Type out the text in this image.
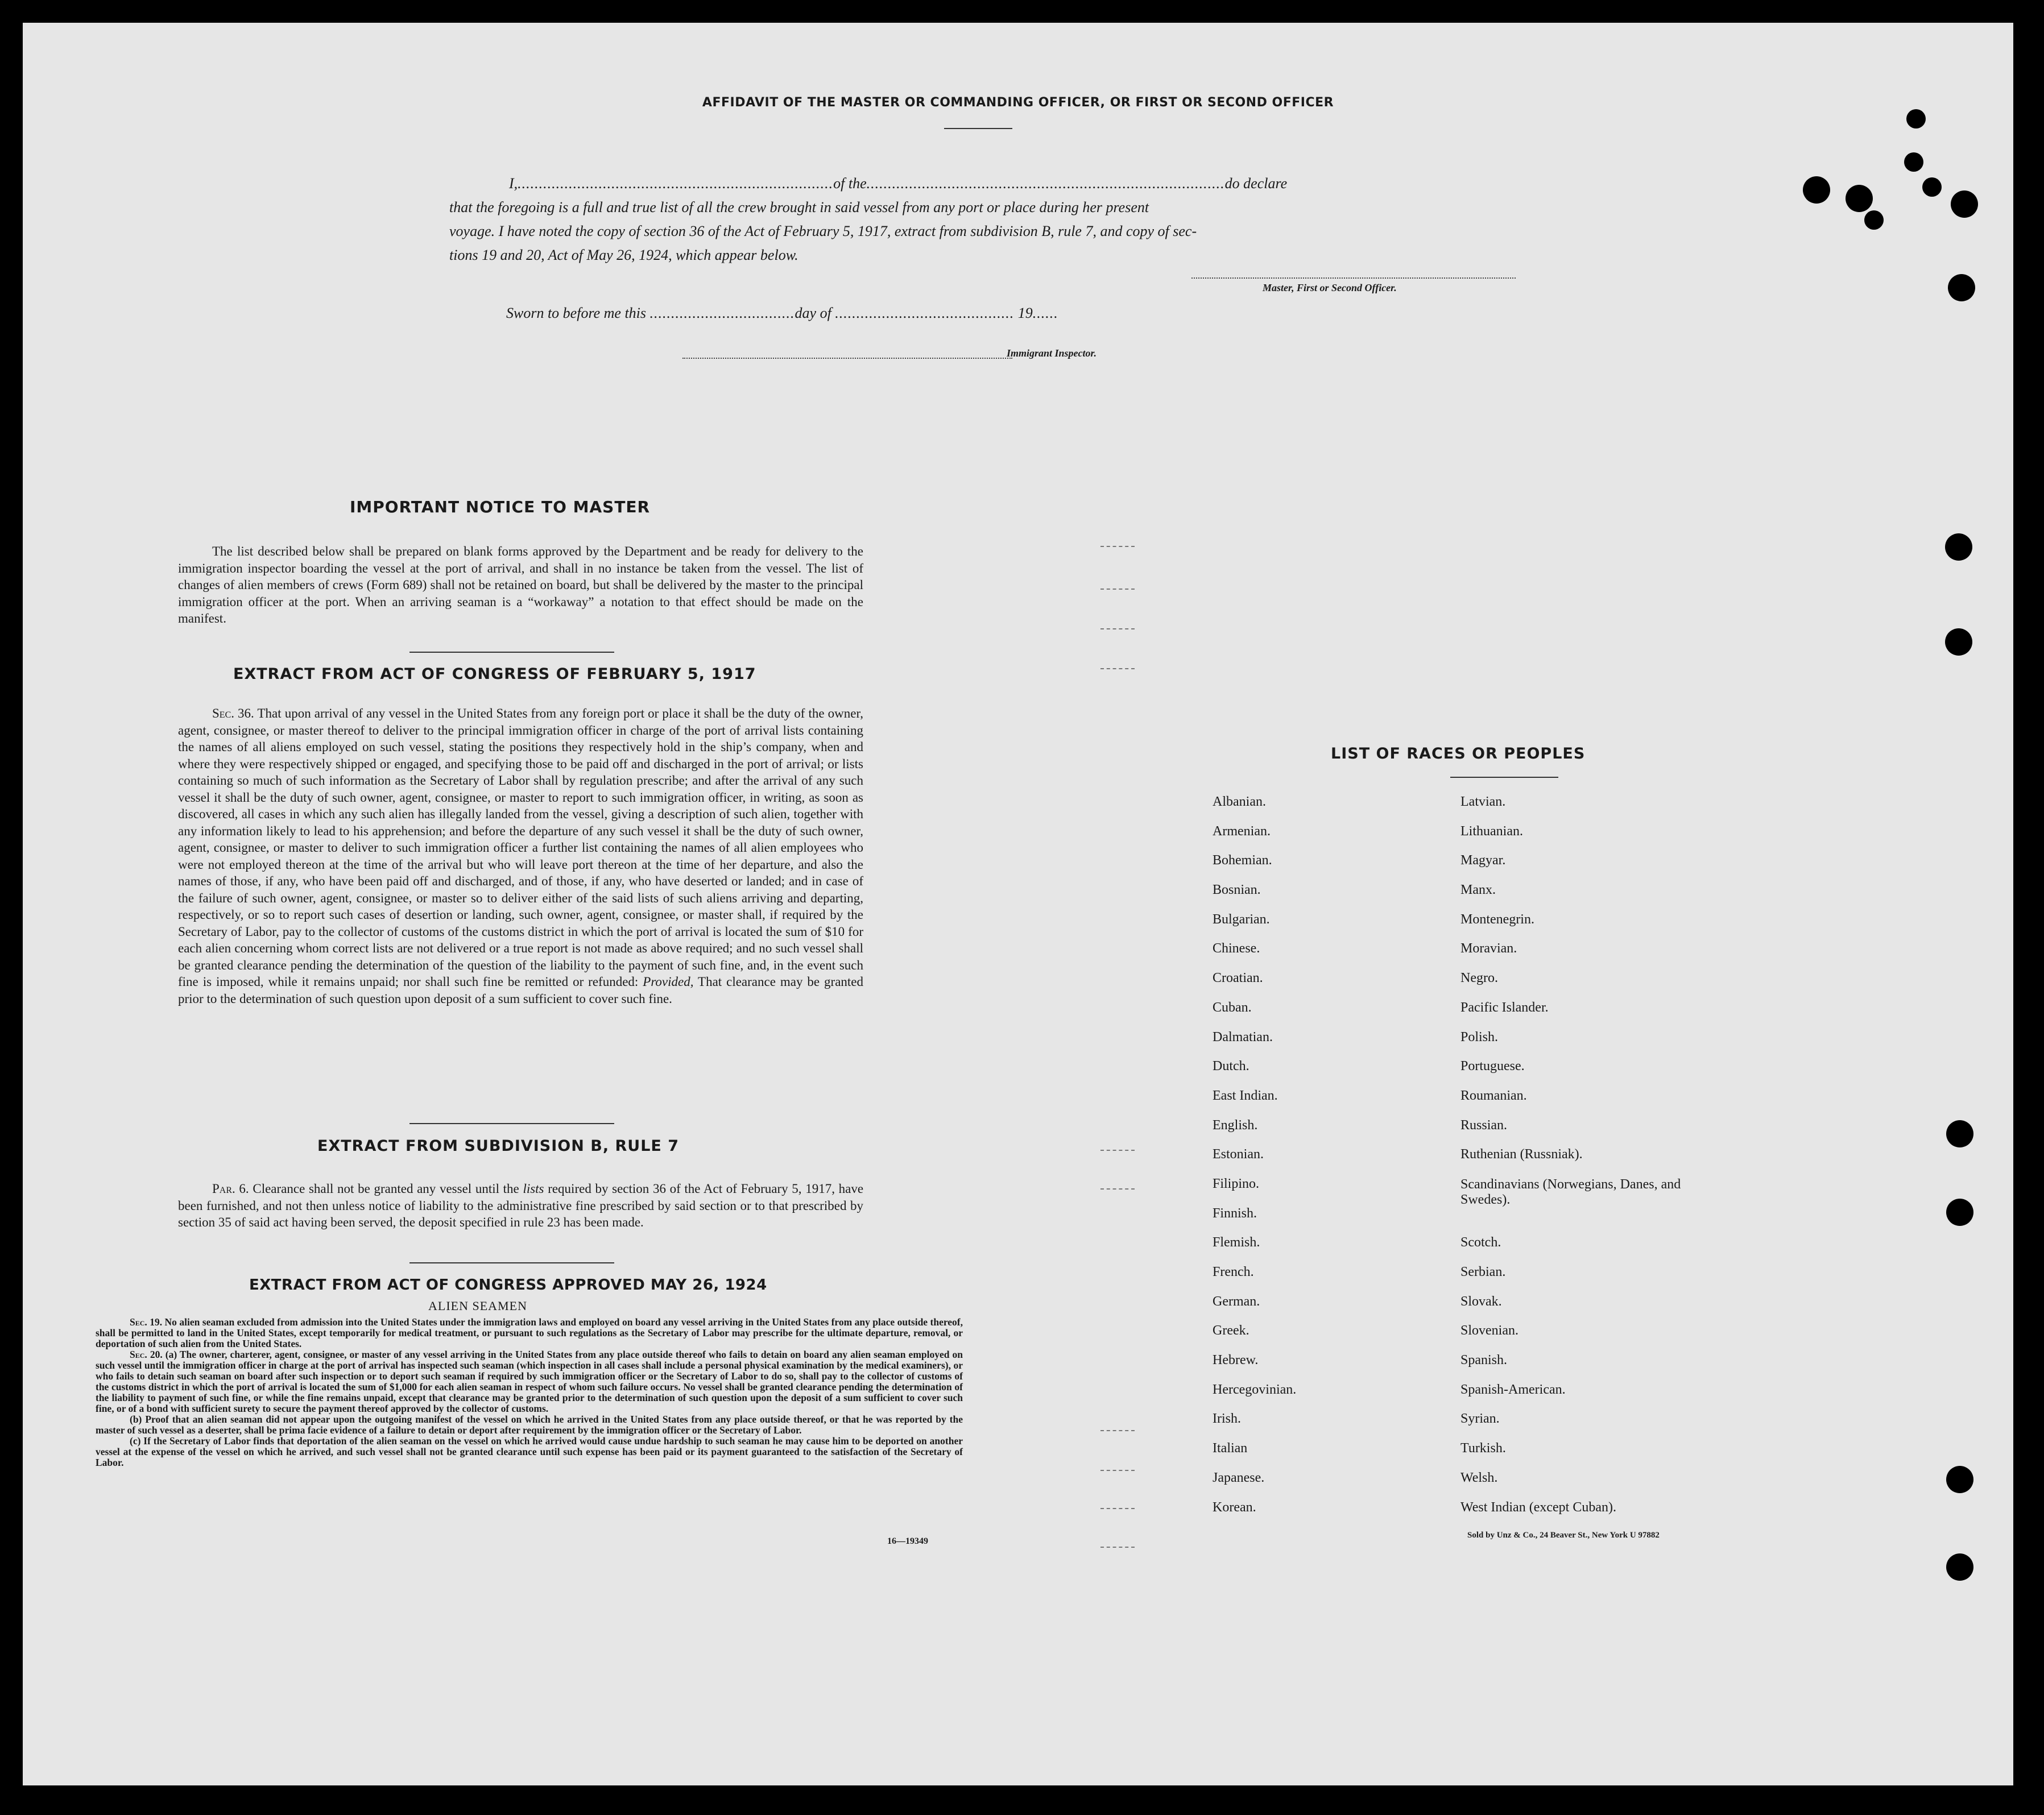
AFFIDAVIT OF THE MASTER OR COMMANDING OFFICER, OR FIRST OR SECOND OFFICER
I,..........................................................................of the....................................................................................do declare
that the foregoing is a full and true list of all the crew brought in said vessel from any port or place during her present
voyage. I have noted the copy of section 36 of the Act of February 5, 1917, extract from subdivision B, rule 7, and copy of sec-
tions 19 and 20, Act of May 26, 1924, which appear below.
Master, First or Second Officer.
Sworn to before me this ..................................day of .......................................... 19......
Immigrant Inspector.
IMPORTANT NOTICE TO MASTER
The list described below shall be prepared on blank forms approved by the Department and be ready for delivery to the immigration inspector boarding the vessel at the port of arrival, and shall in no instance be taken from the vessel. The list of changes of alien members of crews (Form 689) shall not be retained on board, but shall be delivered by the master to the principal immigration officer at the port. When an arriving seaman is a “workaway” a notation to that effect should be made on the manifest.
EXTRACT FROM ACT OF CONGRESS OF FEBRUARY 5, 1917
Sec. 36. That upon arrival of any vessel in the United States from any foreign port or place it shall be the duty of the owner, agent, consignee, or master thereof to deliver to the principal immigration officer in charge of the port of arrival lists containing the names of all aliens employed on such vessel, stating the positions they respectively hold in the ship’s company, when and where they were respectively shipped or engaged, and specifying those to be paid off and discharged in the port of arrival; or lists containing so much of such information as the Secretary of Labor shall by regulation prescribe; and after the arrival of any such vessel it shall be the duty of such owner, agent, consignee, or master to report to such immigration officer, in writing, as soon as discovered, all cases in which any such alien has illegally landed from the vessel, giving a description of such alien, together with any information likely to lead to his apprehension; and before the departure of any such vessel it shall be the duty of such owner, agent, consignee, or master to deliver to such immigration officer a further list containing the names of all alien employees who were not employed thereon at the time of the arrival but who will leave port thereon at the time of her departure, and also the names of those, if any, who have been paid off and discharged, and of those, if any, who have deserted or landed; and in case of the failure of such owner, agent, consignee, or master so to deliver either of the said lists of such aliens arriving and departing, respectively, or so to report such cases of desertion or landing, such owner, agent, consignee, or master shall, if required by the Secretary of Labor, pay to the collector of customs of the customs district in which the port of arrival is located the sum of $10 for each alien concerning whom correct lists are not delivered or a true report is not made as above required; and no such vessel shall be granted clearance pending the determination of the question of the liability to the payment of such fine, and, in the event such fine is imposed, while it remains unpaid; nor shall such fine be remitted or refunded: Provided, That clearance may be granted prior to the determination of such question upon deposit of a sum sufficient to cover such fine.
EXTRACT FROM SUBDIVISION B, RULE 7
Par. 6. Clearance shall not be granted any vessel until the lists required by section 36 of the Act of February 5, 1917, have been furnished, and not then unless notice of liability to the administrative fine prescribed by said section or to that prescribed by section 35 of said act having been served, the deposit specified in rule 23 has been made.
EXTRACT FROM ACT OF CONGRESS APPROVED MAY 26, 1924
ALIEN SEAMEN
Sec. 19. No alien seaman excluded from admission into the United States under the immigration laws and employed on board any vessel arriving in the United States from any place outside thereof, shall be permitted to land in the United States, except temporarily for medical treatment, or pursuant to such regulations as the Secretary of Labor may prescribe for the ultimate departure, removal, or deportation of such alien from the United States.
Sec. 20. (a) The owner, charterer, agent, consignee, or master of any vessel arriving in the United States from any place outside thereof who fails to detain on board any alien seaman employed on such vessel until the immigration officer in charge at the port of arrival has inspected such seaman (which inspection in all cases shall include a personal physical examination by the medical examiners), or who fails to detain such seaman on board after such inspection or to deport such seaman if required by such immigration officer or the Secretary of Labor to do so, shall pay to the collector of customs of the customs district in which the port of arrival is located the sum of $1,000 for each alien seaman in respect of whom such failure occurs. No vessel shall be granted clearance pending the determination of the liability to payment of such fine, or while the fine remains unpaid, except that clearance may be granted prior to the determination of such question upon the deposit of a sum sufficient to cover such fine, or of a bond with sufficient surety to secure the payment thereof approved by the collector of customs.
(b) Proof that an alien seaman did not appear upon the outgoing manifest of the vessel on which he arrived in the United States from any place outside thereof, or that he was reported by the master of such vessel as a deserter, shall be prima facie evidence of a failure to detain or deport after requirement by the immigration officer or the Secretary of Labor.
(c) If the Secretary of Labor finds that deportation of the alien seaman on the vessel on which he arrived would cause undue hardship to such seaman he may cause him to be deported on another vessel at the expense of the vessel on which he arrived, and such vessel shall not be granted clearance until such expense has been paid or its payment guaranteed to the satisfaction of the Secretary of Labor.
16—19349
LIST OF RACES OR PEOPLES
Albanian.
Armenian.
Bohemian.
Bosnian.
Bulgarian.
Chinese.
Croatian.
Cuban.
Dalmatian.
Dutch.
East Indian.
English.
Estonian.
Filipino.
Finnish.
Flemish.
French.
German.
Greek.
Hebrew.
Hercegovinian.
Irish.
Italian
Japanese.
Korean.
Latvian.
Lithuanian.
Magyar.
Manx.
Montenegrin.
Moravian.
Negro.
Pacific Islander.
Polish.
Portuguese.
Roumanian.
Russian.
Ruthenian (Russniak).
Scandinavians (Norwegians, Danes, and Swedes).
Scotch.
Serbian.
Slovak.
Slovenian.
Spanish.
Spanish-American.
Syrian.
Turkish.
Welsh.
West Indian (except Cuban).
Sold by Unz & Co., 24 Beaver St., New York U 97882
